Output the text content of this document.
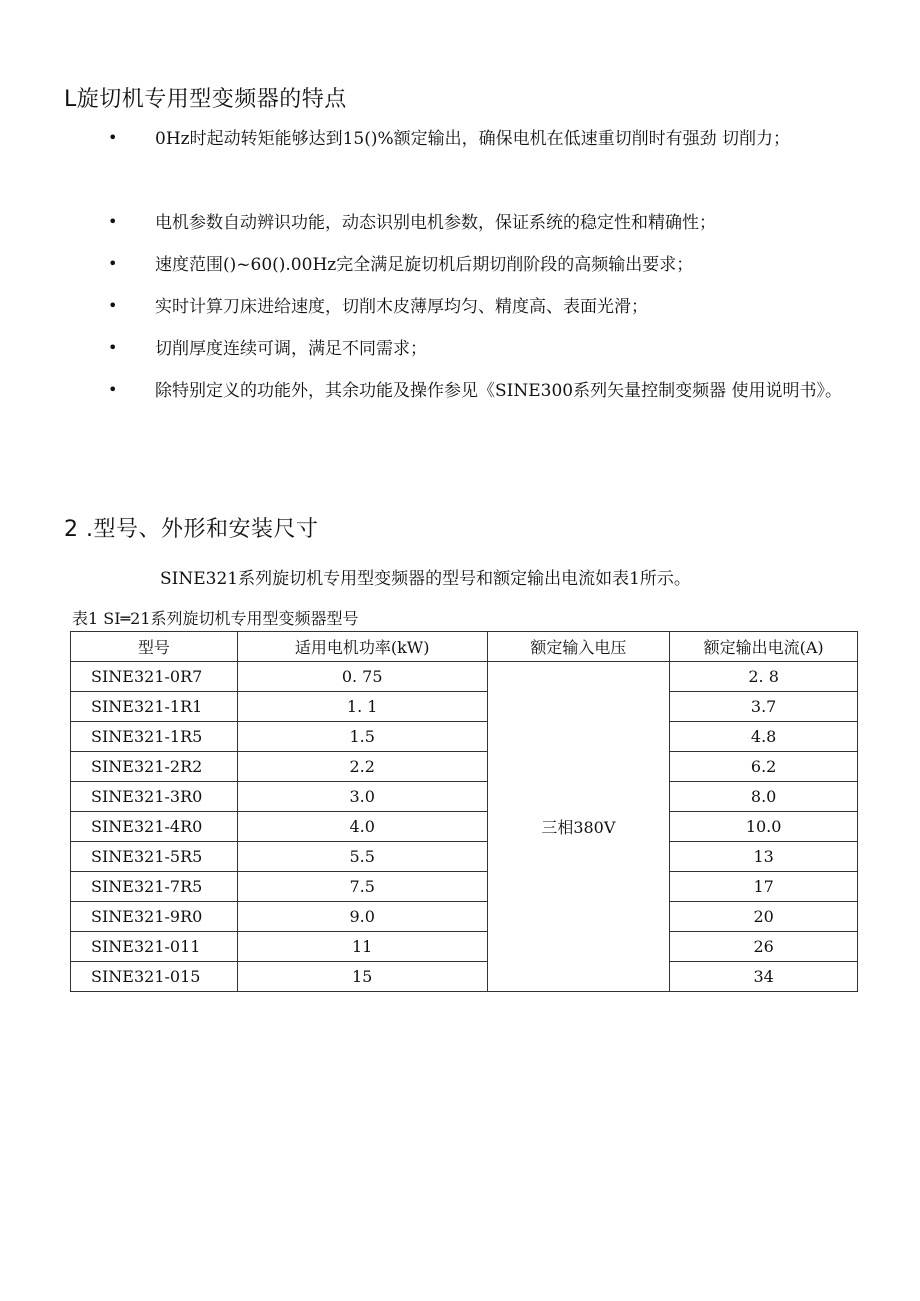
L旋切机专用型变频器的特点
• 0Hz时起动转矩能够达到15()%额定输出，确保电机在低速重切削时有强劲 切削力；
• 电机参数自动辨识功能，动态识别电机参数，保证系统的稳定性和精确性；
• 速度范围()~60().00Hz完全满足旋切机后期切削阶段的高频输出要求；
• 实时计算刀床进给速度，切削木皮薄厚均匀、精度高、表面光滑；
• 切削厚度连续可调，满足不同需求；
• 除特别定义的功能外，其余功能及操作参见《SINE300系列矢量控制变频器 使用说明书》。
2 .型号、外形和安装尺寸
SINE321系列旋切机专用型变频器的型号和额定输出电流如表1所示。
表1 SI═21系列旋切机专用型变频器型号
型号	适用电机功率(kW)	额定输入电压	额定输出电流(A)
SINE321-0R7	0. 75	三相380V	2. 8
SINE321-1R1	1. 1		3.7
SINE321-1R5	1.5		4.8
SINE321-2R2	2.2		6.2
SINE321-3R0	3.0		8.0
SINE321-4R0	4.0		10.0
SINE321-5R5	5.5		13
SINE321-7R5	7.5		17
SINE321-9R0	9.0		20
SINE321-011	11		26
SINE321-015	15		34
